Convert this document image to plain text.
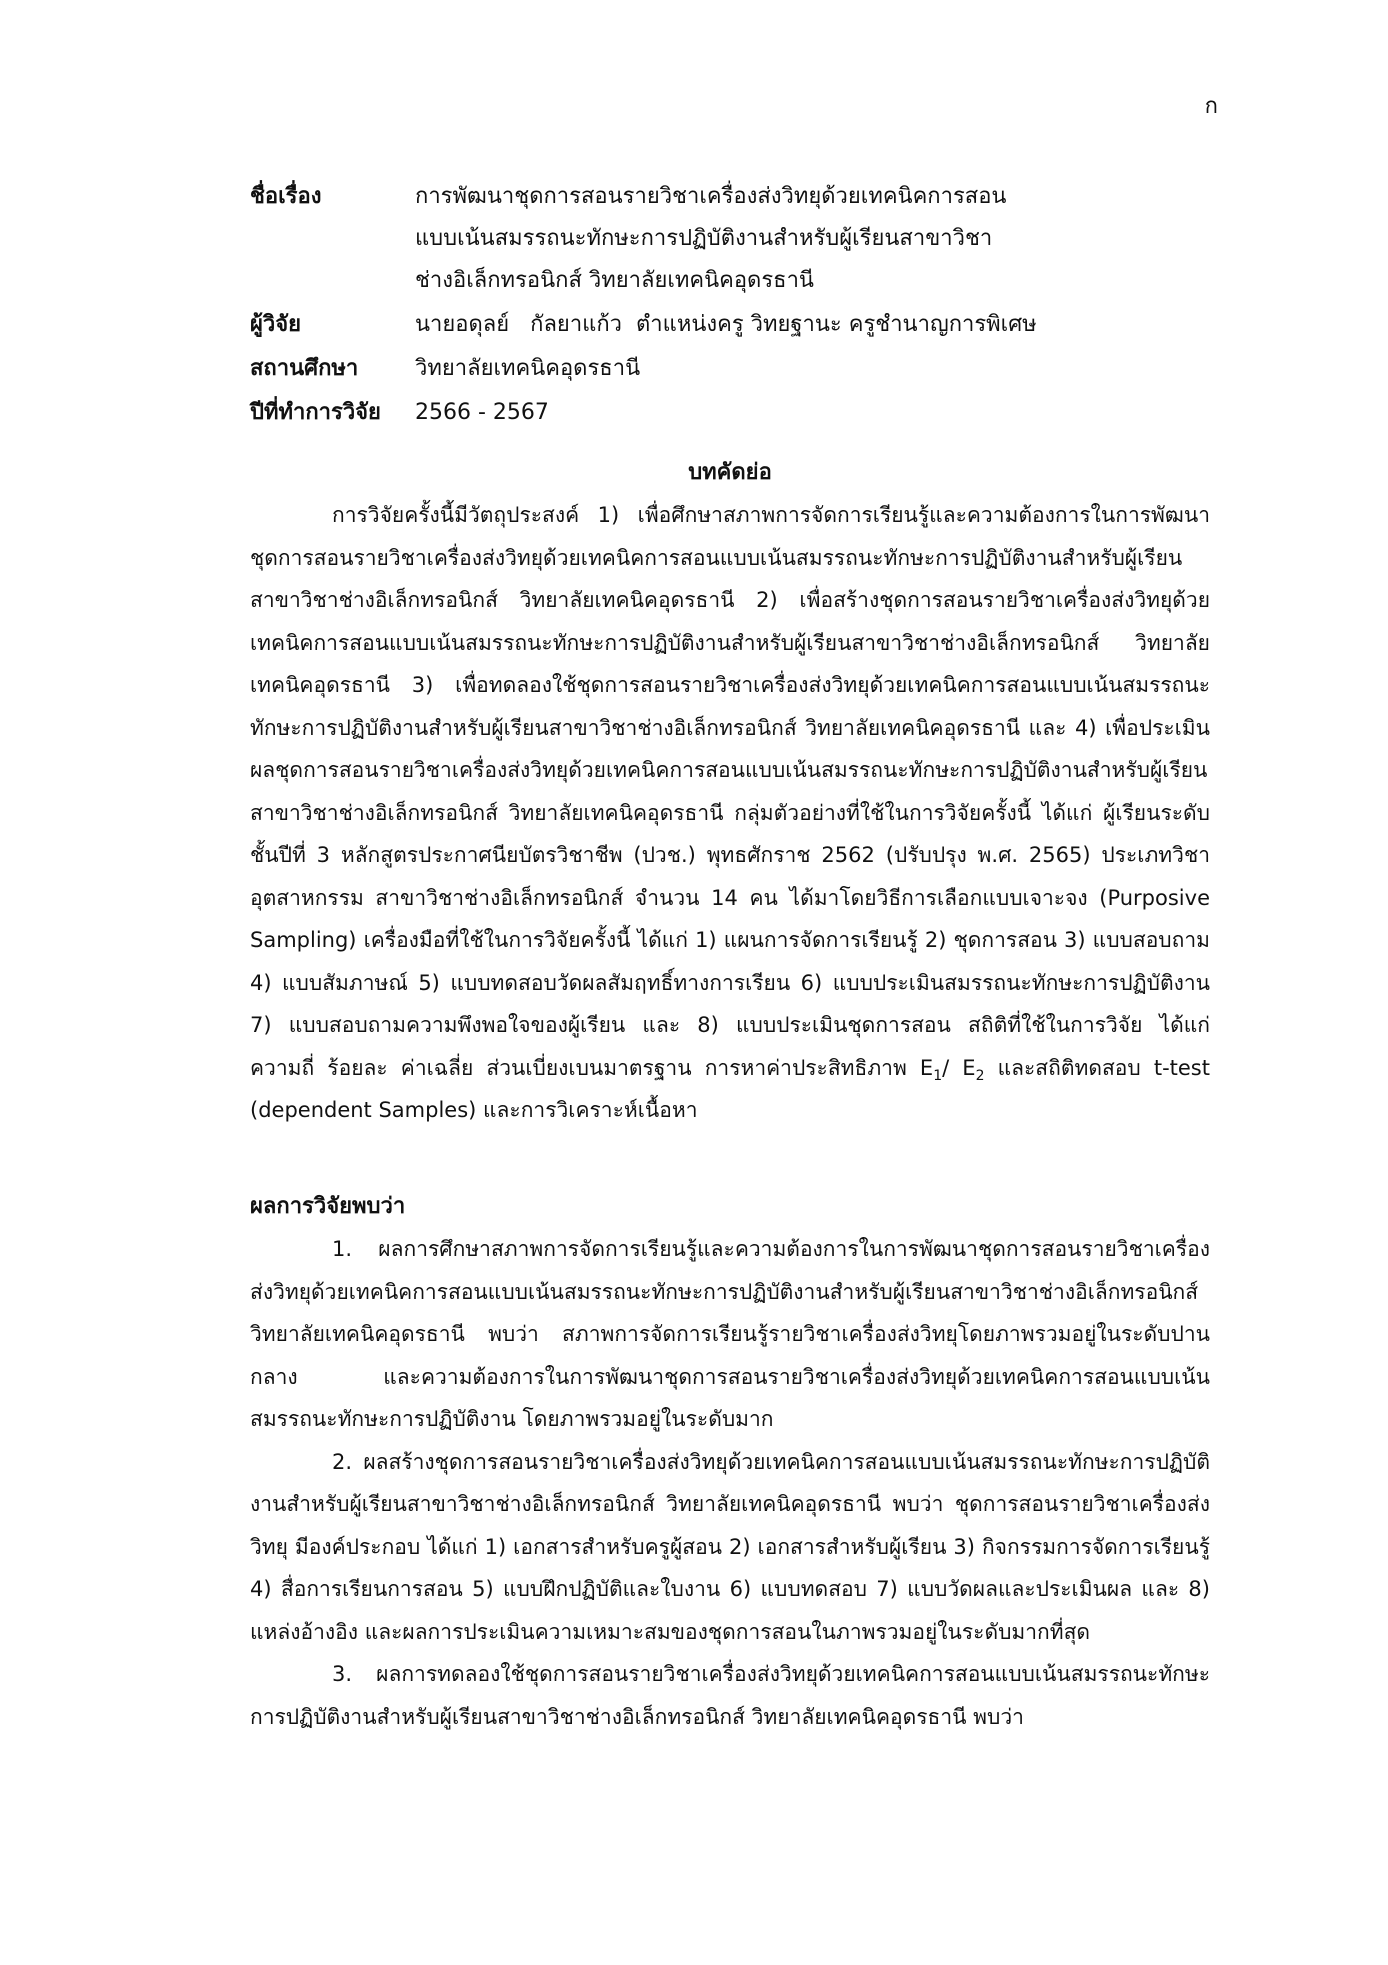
ก
ชื่อเรื่อง	การพัฒนาชุดการสอนรายวิชาเครื่องส่งวิทยุด้วยเทคนิคการสอน
แบบเน้นสมรรถนะทักษะการปฏิบัติงานสำหรับผู้เรียนสาขาวิชา
ช่างอิเล็กทรอนิกส์ วิทยาลัยเทคนิคอุดรธานี
ผู้วิจัย	นายอดุลย์   กัลยาแก้ว  ตำแหน่งครู วิทยฐานะ ครูชำนาญการพิเศษ
สถานศึกษา	วิทยาลัยเทคนิคอุดรธานี
ปีที่ทำการวิจัย	2566 - 2567
บทคัดย่อ

การวิจัยครั้งนี้มีวัตถุประสงค์ 1) เพื่อศึกษาสภาพการจัดการเรียนรู้และความต้องการในการพัฒนาชุดการสอนรายวิชาเครื่องส่งวิทยุด้วยเทคนิคการสอนแบบเน้นสมรรถนะทักษะการปฏิบัติงานสำหรับผู้เรียนสาขาวิชาช่างอิเล็กทรอนิกส์ วิทยาลัยเทคนิคอุดรธานี 2) เพื่อสร้างชุดการสอนรายวิชาเครื่องส่งวิทยุด้วยเทคนิคการสอนแบบเน้นสมรรถนะทักษะการปฏิบัติงานสำหรับผู้เรียนสาขาวิชาช่างอิเล็กทรอนิกส์ วิทยาลัยเทคนิคอุดรธานี 3) เพื่อทดลองใช้ชุดการสอนรายวิชาเครื่องส่งวิทยุด้วยเทคนิคการสอนแบบเน้นสมรรถนะทักษะการปฏิบัติงานสำหรับผู้เรียนสาขาวิชาช่างอิเล็กทรอนิกส์ วิทยาลัยเทคนิคอุดรธานี และ 4) เพื่อประเมินผลชุดการสอนรายวิชาเครื่องส่งวิทยุด้วยเทคนิคการสอนแบบเน้นสมรรถนะทักษะการปฏิบัติงานสำหรับผู้เรียนสาขาวิชาช่างอิเล็กทรอนิกส์ วิทยาลัยเทคนิคอุดรธานี กลุ่มตัวอย่างที่ใช้ในการวิจัยครั้งนี้ ได้แก่ ผู้เรียนระดับชั้นปีที่ 3 หลักสูตรประกาศนียบัตรวิชาชีพ (ปวช.) พุทธศักราช 2562 (ปรับปรุง พ.ศ. 2565) ประเภทวิชาอุตสาหกรรม สาขาวิชาช่างอิเล็กทรอนิกส์ จำนวน 14 คน ได้มาโดยวิธีการเลือกแบบเจาะจง (Purposive Sampling) เครื่องมือที่ใช้ในการวิจัยครั้งนี้ ได้แก่ 1) แผนการจัดการเรียนรู้ 2) ชุดการสอน 3) แบบสอบถาม 4) แบบสัมภาษณ์ 5) แบบทดสอบวัดผลสัมฤทธิ์ทางการเรียน 6) แบบประเมินสมรรถนะทักษะการปฏิบัติงาน 7) แบบสอบถามความพึงพอใจของผู้เรียน และ 8) แบบประเมินชุดการสอน สถิติที่ใช้ในการวิจัย ได้แก่ ความถี่ ร้อยละ ค่าเฉลี่ย ส่วนเบี่ยงเบนมาตรฐาน การหาค่าประสิทธิภาพ $E_1/$ $E_2$ และสถิติทดสอบ t-test (dependent Samples) และการวิเคราะห์เนื้อหา

ผลการวิจัยพบว่า

1. ผลการศึกษาสภาพการจัดการเรียนรู้และความต้องการในการพัฒนาชุดการสอนรายวิชาเครื่องส่งวิทยุด้วยเทคนิคการสอนแบบเน้นสมรรถนะทักษะการปฏิบัติงานสำหรับผู้เรียนสาขาวิชาช่างอิเล็กทรอนิกส์ วิทยาลัยเทคนิคอุดรธานี พบว่า สภาพการจัดการเรียนรู้รายวิชาเครื่องส่งวิทยุโดยภาพรวมอยู่ในระดับปานกลาง และความต้องการในการพัฒนาชุดการสอนรายวิชาเครื่องส่งวิทยุด้วยเทคนิคการสอนแบบเน้นสมรรถนะทักษะการปฏิบัติงาน โดยภาพรวมอยู่ในระดับมาก

2. ผลสร้างชุดการสอนรายวิชาเครื่องส่งวิทยุด้วยเทคนิคการสอนแบบเน้นสมรรถนะทักษะการปฏิบัติงานสำหรับผู้เรียนสาขาวิชาช่างอิเล็กทรอนิกส์ วิทยาลัยเทคนิคอุดรธานี พบว่า ชุดการสอนรายวิชาเครื่องส่งวิทยุ มีองค์ประกอบ ได้แก่ 1) เอกสารสำหรับครูผู้สอน 2) เอกสารสำหรับผู้เรียน 3) กิจกรรมการจัดการเรียนรู้ 4) สื่อการเรียนการสอน 5) แบบฝึกปฏิบัติและใบงาน 6) แบบทดสอบ 7) แบบวัดผลและประเมินผล และ 8) แหล่งอ้างอิง และผลการประเมินความเหมาะสมของชุดการสอนในภาพรวมอยู่ในระดับมากที่สุด

3. ผลการทดลองใช้ชุดการสอนรายวิชาเครื่องส่งวิทยุด้วยเทคนิคการสอนแบบเน้นสมรรถนะทักษะการปฏิบัติงานสำหรับผู้เรียนสาขาวิชาช่างอิเล็กทรอนิกส์ วิทยาลัยเทคนิคอุดรธานี พบว่า
